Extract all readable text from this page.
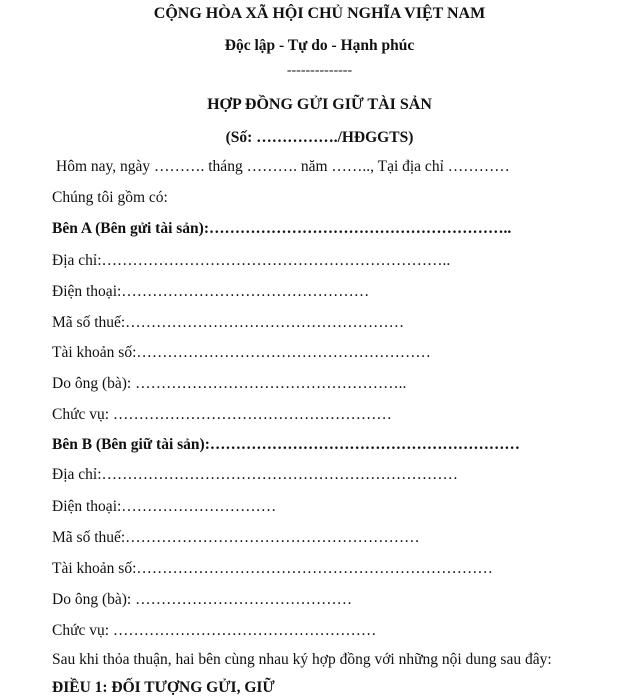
CỘNG HÒA XÃ HỘI CHỦ NGHĨA VIỆT NAM
Độc lập - Tự do - Hạnh phúc
--------------
HỢP ĐỒNG GỬI GIỮ TÀI SẢN
(Số: ……………./HĐGGTS)
Hôm nay, ngày ………. tháng ………. năm …….., Tại địa chỉ …………
Chúng tôi gồm có:
Bên A (Bên gửi tài sản):…………………………………………………..
Địa chỉ:…………………………………………………………..
Điện thoại:…………………………………………
Mã số thuế:………………………………………………
Tài khoản số:…………………………………………………
Do ông (bà): ……………………………………………..
Chức vụ: ………………………………………………
Bên B (Bên giữ tài sản):……………………………………………………
Địa chỉ:……………………………………………………………
Điện thoại:…………………………
Mã số thuế:…………………………………………………
Tài khoản số:……………………………………………………………
Do ông (bà): ……………………………………
Chức vụ: ……………………………………………
Sau khi thỏa thuận, hai bên cùng nhau ký hợp đồng với những nội dung sau đây:
ĐIỀU 1: ĐỐI TƯỢNG GỬI, GIỮ
